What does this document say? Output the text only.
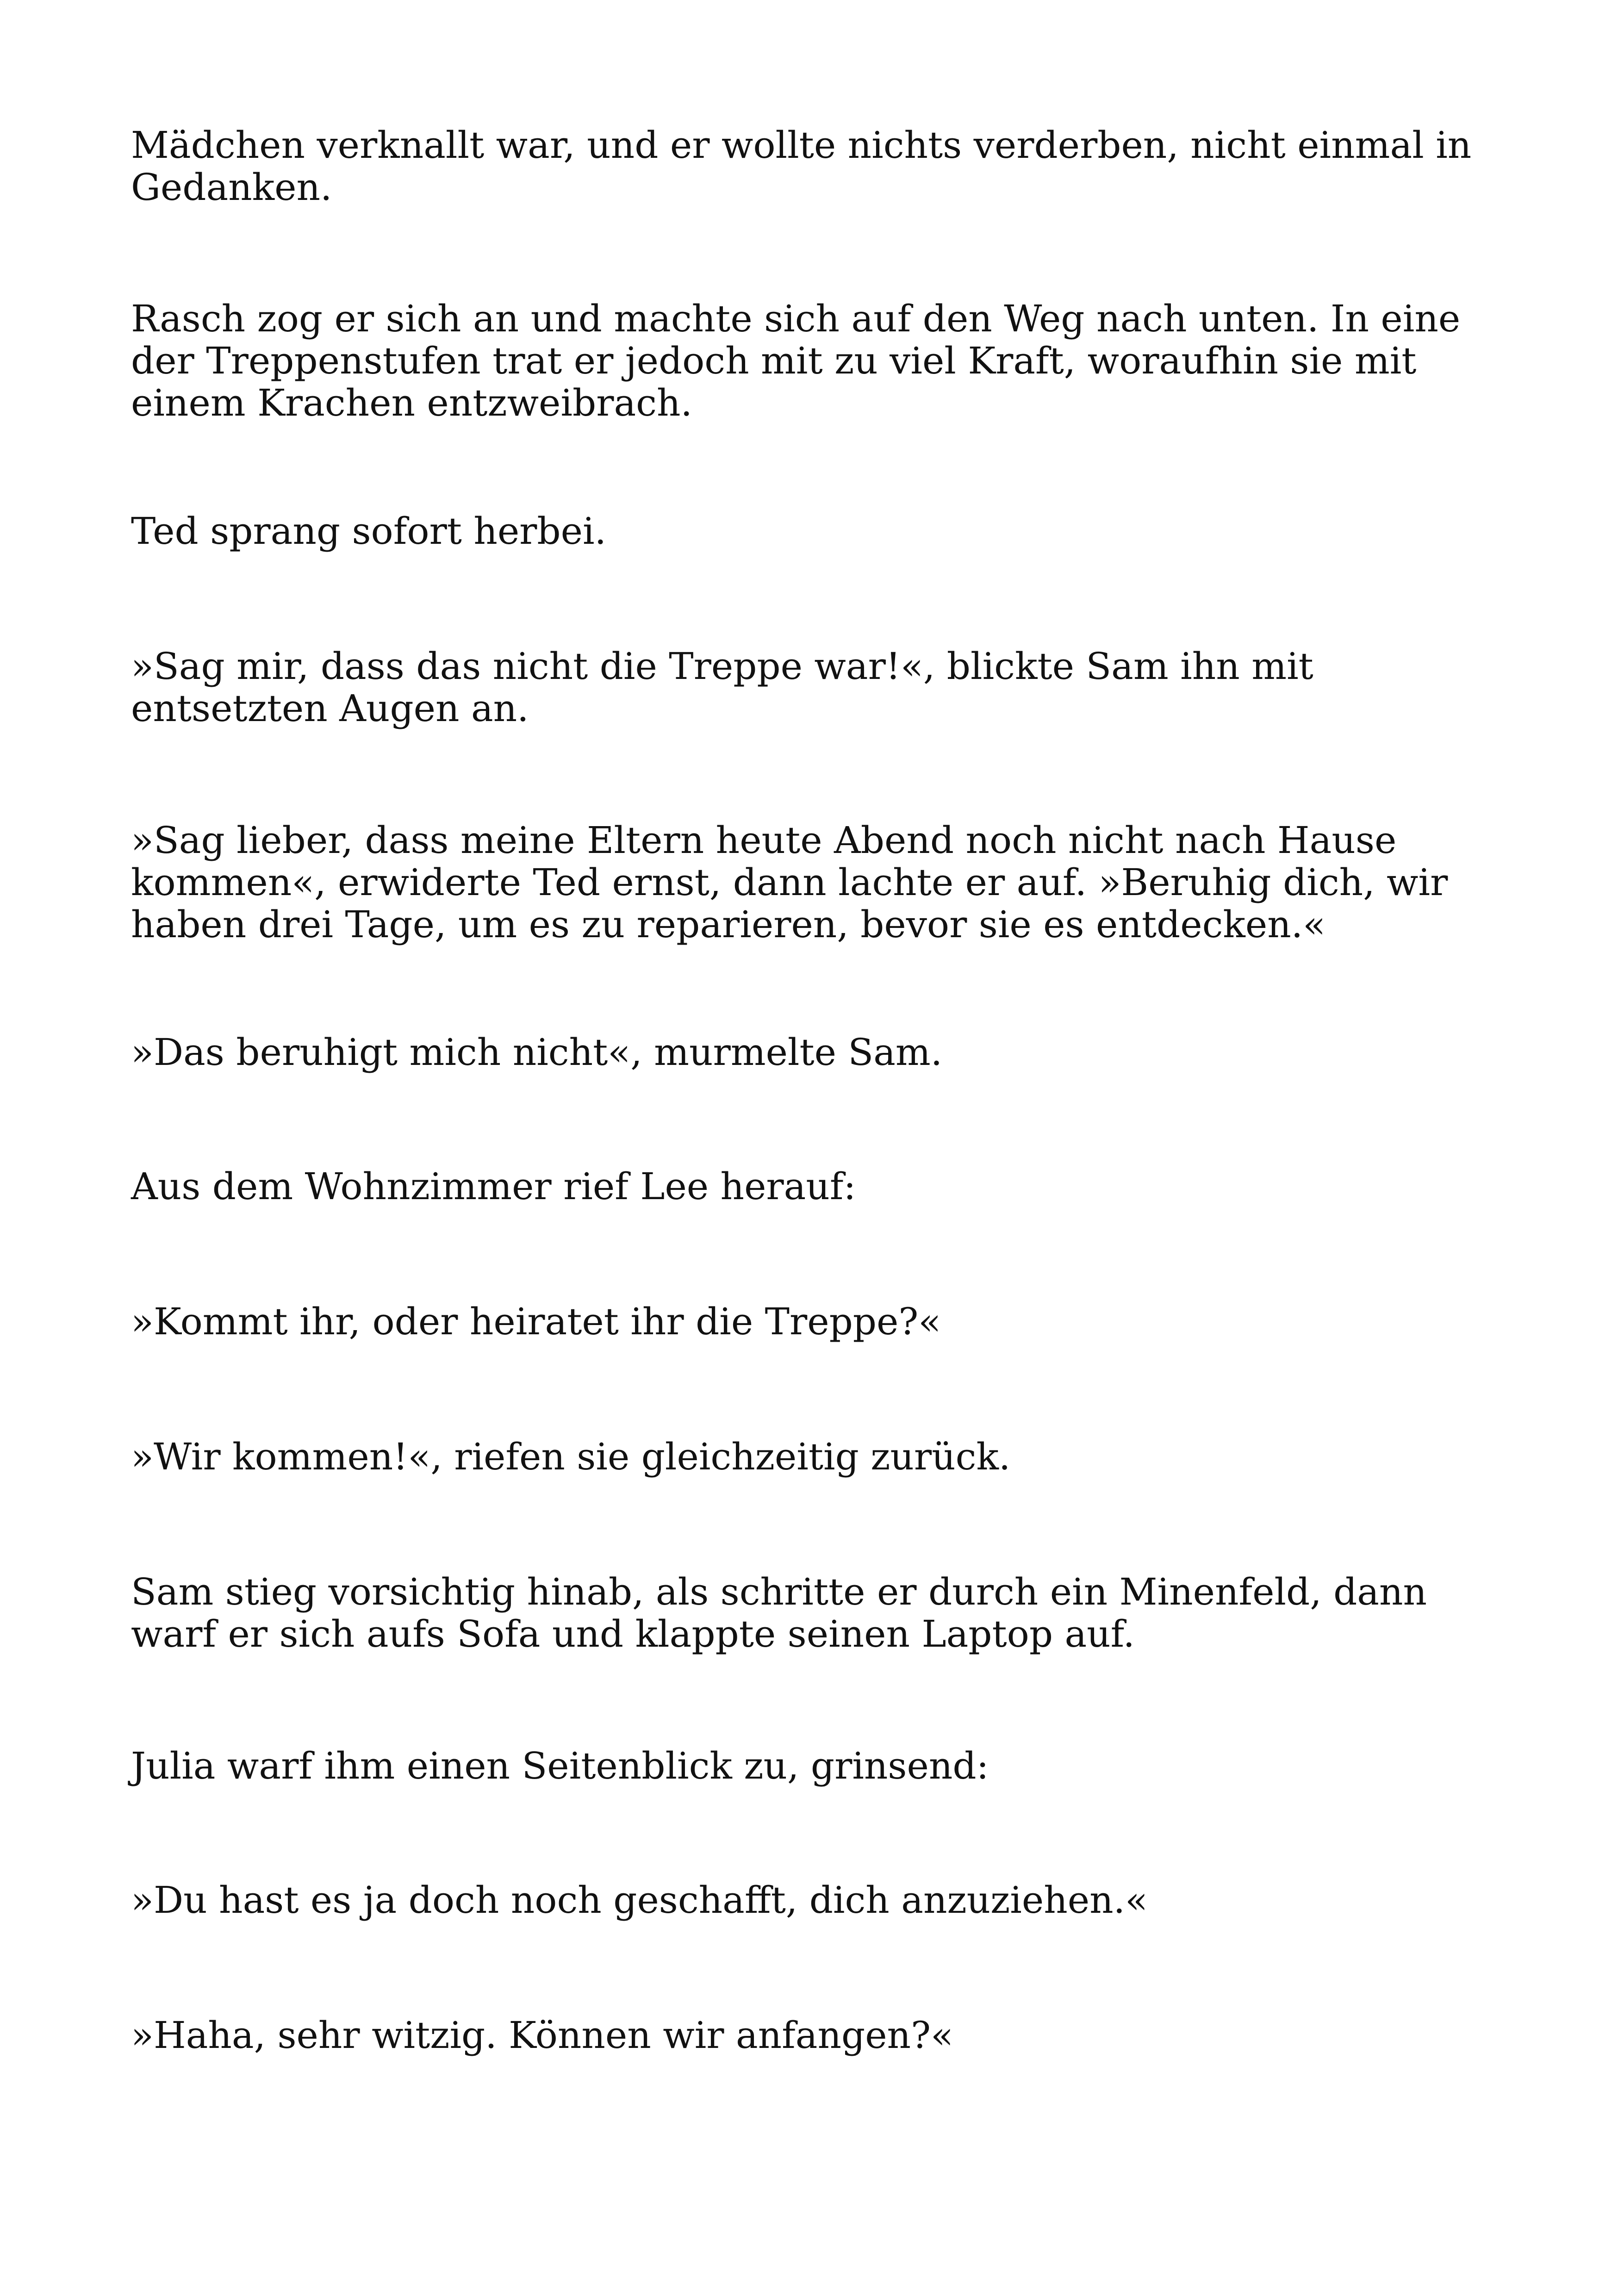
Mädchen verknallt war, und er wollte nichts verderben, nicht einmal in
Gedanken.

Rasch zog er sich an und machte sich auf den Weg nach unten. In eine
der Treppenstufen trat er jedoch mit zu viel Kraft, woraufhin sie mit
einem Krachen entzweibrach.

Ted sprang sofort herbei.

»Sag mir, dass das nicht die Treppe war!«, blickte Sam ihn mit
entsetzten Augen an.

»Sag lieber, dass meine Eltern heute Abend noch nicht nach Hause
kommen«, erwiderte Ted ernst, dann lachte er auf. »Beruhig dich, wir
haben drei Tage, um es zu reparieren, bevor sie es entdecken.«

»Das beruhigt mich nicht«, murmelte Sam.

Aus dem Wohnzimmer rief Lee herauf:

»Kommt ihr, oder heiratet ihr die Treppe?«

»Wir kommen!«, riefen sie gleichzeitig zurück.

Sam stieg vorsichtig hinab, als schritte er durch ein Minenfeld, dann
warf er sich aufs Sofa und klappte seinen Laptop auf.

Julia warf ihm einen Seitenblick zu, grinsend:

»Du hast es ja doch noch geschafft, dich anzuziehen.«

»Haha, sehr witzig. Können wir anfangen?«
